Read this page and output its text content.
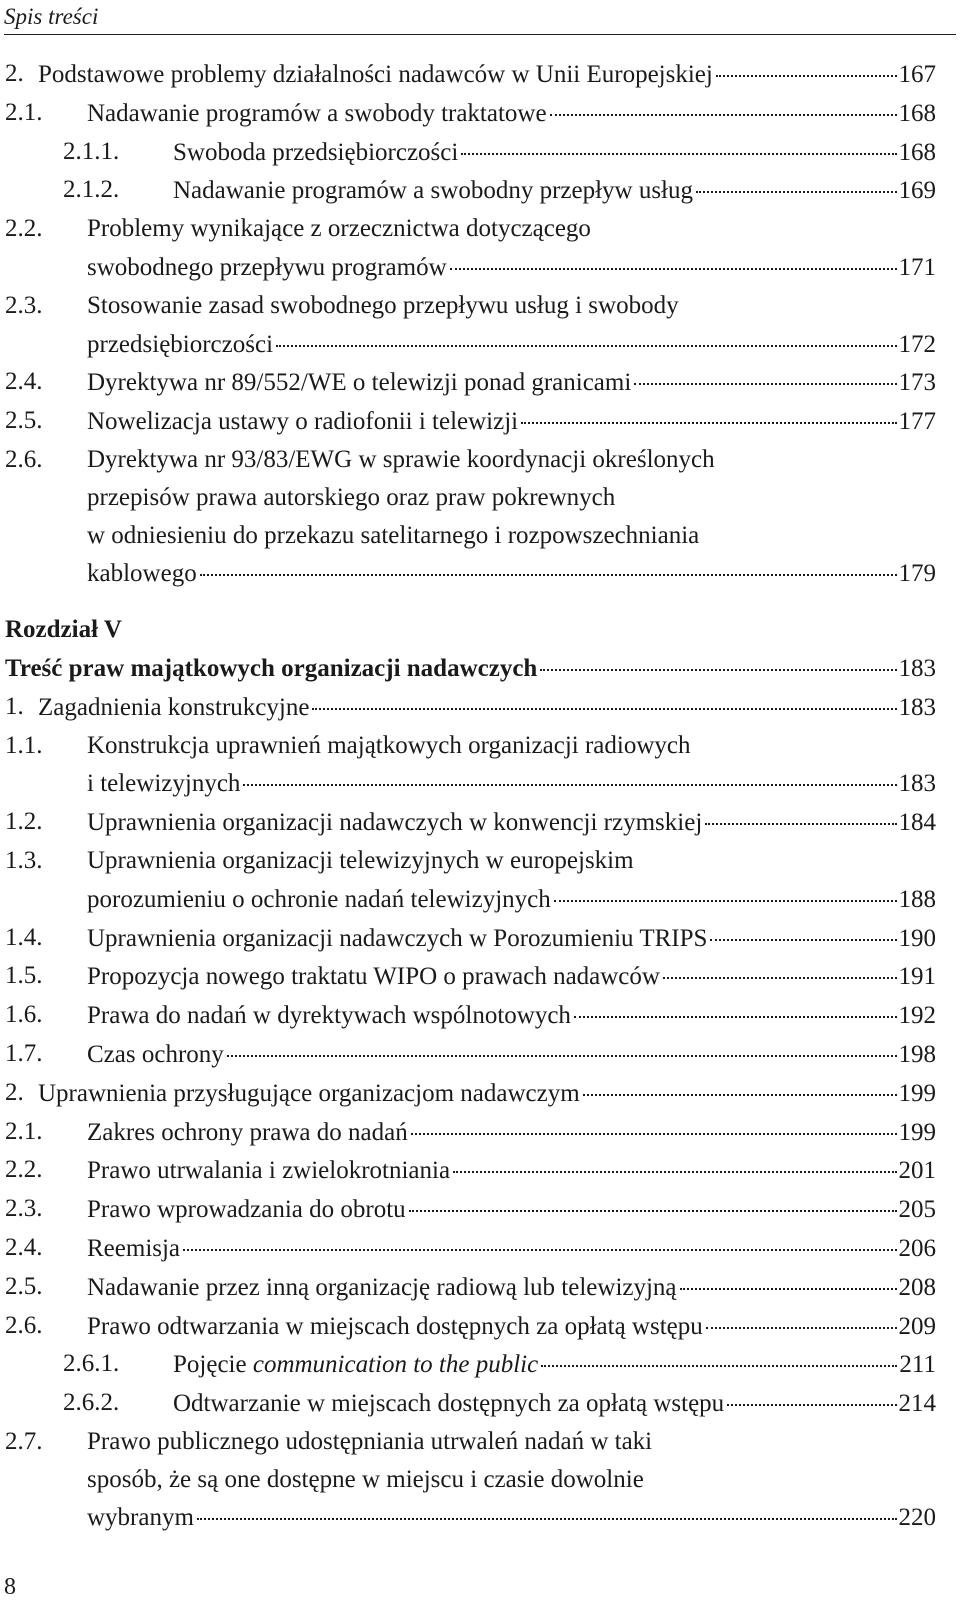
Spis treści
2. Podstawowe problemy działalności nadawców w Unii Europejskiej	167
2.1.	Nadawanie programów a swobody traktatowe	168
2.1.1.	Swoboda przedsiębiorczości	168
2.1.2.	Nadawanie programów a swobodny przepływ usług	169
2.2.	Problemy wynikające z orzecznictwa dotyczącego
swobodnego przepływu programów	171
2.3.	Stosowanie zasad swobodnego przepływu usług i swobody
przedsiębiorczości	172
2.4.	Dyrektywa nr 89/552/WE o telewizji ponad granicami	173
2.5.	Nowelizacja ustawy o radiofonii i telewizji	177
2.6.	Dyrektywa nr 93/83/EWG w sprawie koordynacji określonych
przepisów prawa autorskiego oraz praw pokrewnych
w odniesieniu do przekazu satelitarnego i rozpowszechniania
kablowego	179
Rozdział V
Treść praw majątkowych organizacji nadawczych	183
1. Zagadnienia konstrukcyjne	183
1.1.	Konstrukcja uprawnień majątkowych organizacji radiowych
i telewizyjnych	183
1.2.	Uprawnienia organizacji nadawczych w konwencji rzymskiej	184
1.3.	Uprawnienia organizacji telewizyjnych w europejskim
porozumieniu o ochronie nadań telewizyjnych	188
1.4.	Uprawnienia organizacji nadawczych w Porozumieniu TRIPS	190
1.5.	Propozycja nowego traktatu WIPO o prawach nadawców	191
1.6.	Prawa do nadań w dyrektywach wspólnotowych	192
1.7.	Czas ochrony	198
2. Uprawnienia przysługujące organizacjom nadawczym	199
2.1.	Zakres ochrony prawa do nadań	199
2.2.	Prawo utrwalania i zwielokrotniania	201
2.3.	Prawo wprowadzania do obrotu	205
2.4.	Reemisja	206
2.5.	Nadawanie przez inną organizację radiową lub telewizyjną	208
2.6.	Prawo odtwarzania w miejscach dostępnych za opłatą wstępu	209
2.6.1.	Pojęcie communication to the public	211
2.6.2.	Odtwarzanie w miejscach dostępnych za opłatą wstępu	214
2.7.	Prawo publicznego udostępniania utrwaleń nadań w taki
sposób, że są one dostępne w miejscu i czasie dowolnie
wybranym	220
8
